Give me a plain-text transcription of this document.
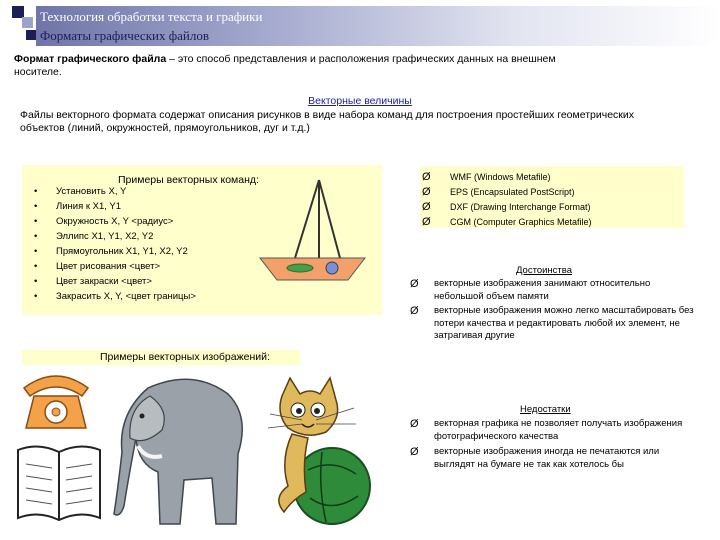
Технология обработки текста и графики
Форматы графических файлов
Формат графического файла – это способ представления и расположения графических данных на внешнем носителе.
Векторные величины
Файлы векторного формата содержат описания рисунков в виде набора команд для построения простейших геометрических объектов (линий, окружностей, прямоугольников, дуг и т.д.)
Примеры векторных команд:
• Установить X, Y
• Линия к X1, Y1
• Окружность X, Y <радиус>
• Эллипс X1, Y1, X2, Y2
• Прямоугольник X1, Y1, X2, Y2
• Цвет рисования <цвет>
• Цвет закраски <цвет>
• Закрасить X, Y, <цвет границы>
Ø WMF (Windows Metafile)
Ø EPS (Encapsulated PostScript)
Ø DXF (Drawing Interchange Format)
Ø CGM (Computer Graphics Metafile)
Достоинства
Ø	векторные изображения занимают относительно небольшой объем памяти
Ø	векторные изображения можно легко масштабировать без потери качества и редактировать любой их элемент, не затрагивая другие
Примеры векторных изображений:
Недостатки
Ø	векторная графика не позволяет получать изображения фотографического качества
Ø	векторные изображения иногда не печатаются или выглядят на бумаге не так как хотелось бы
